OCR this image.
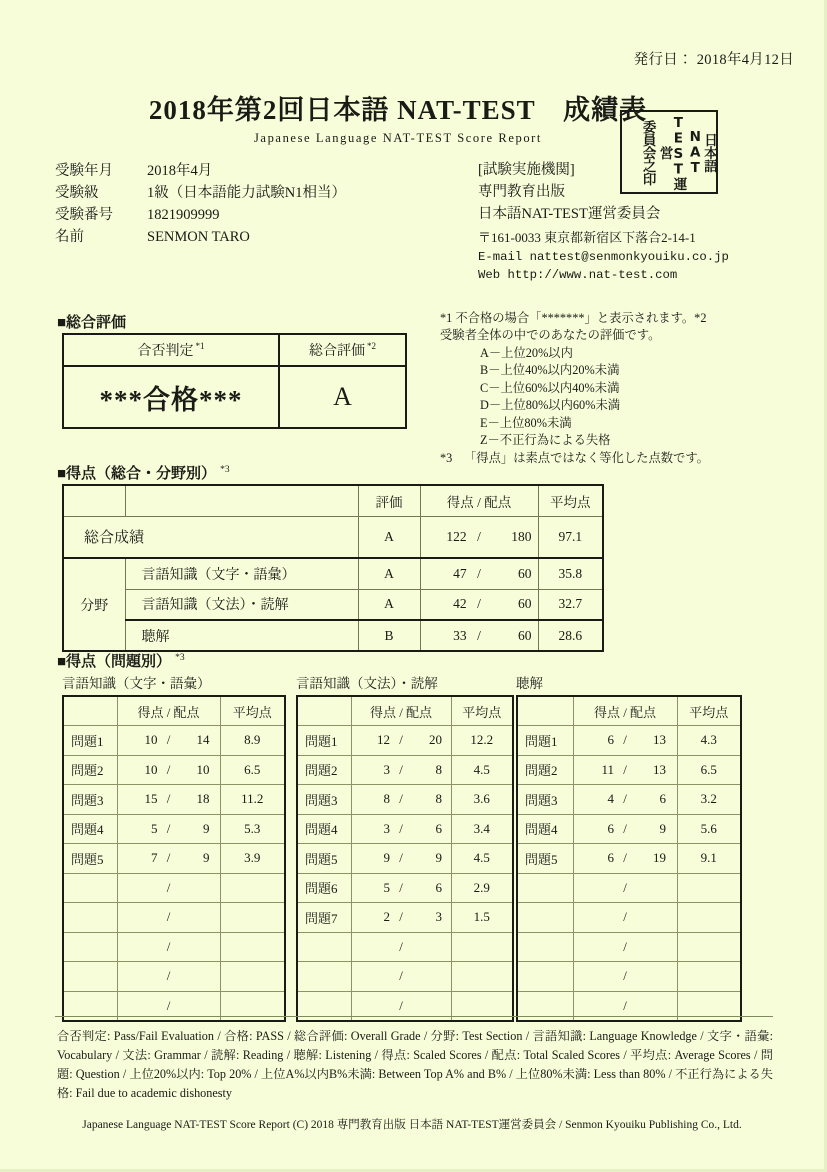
発行日： 2018年4月12日
2018年第2回日本語 NAT-TEST　成績表
Japanese Language NAT-TEST Score Report	日本語NAT
TEST運営
委員会之印
受験年月	2018年4月
受験級	1級（日本語能力試験N1相当）
受験番号	1821909999
名前	SENMON TARO
[試験実施機関]
専門教育出版
日本語NAT-TEST運営委員会
〒161-0033 東京都新宿区下落合2-14-1
E-mail nattest@senmonkyouiku.co.jp
Web http://www.nat-test.com
■総合評価
合否判定 $^{*1}$	総合評価 $^{*2}$
***合格***	A
*1 不合格の場合「*******」と表示されます。*2
受験者全体の中でのあなたの評価です。
A－上位20%以内
B－上位40%以内20%未満
C－上位60%以内40%未満
D－上位80%以内60%未満
E－上位80%未満
Z－不正行為による失格
*3 「得点」は素点ではなく等化した点数です。
■得点（総合・分野別） $^{*3}$
		評価	得点 / 配点	平均点
総合成績		A	122 / 180	97.1
分野	言語知識（文字・語彙）	A	47 / 60	35.8
	言語知識（文法）・読解	A	42 / 60	32.7
	聴解	B	33 / 60	28.6
■得点（問題別） $^{*3}$
言語知識（文字・語彙）
	得点 / 配点	平均点
問題1	10 / 14	8.9
問題2	10 / 10	6.5
問題3	15 / 18	11.2
問題4	5 / 9	5.3
問題5	7 / 9	3.9

	/	

	/	

	/	

	/	

	/	

言語知識（文法）・読解
	得点 / 配点	平均点
問題1	12 / 20	12.2
問題2	3 / 8	4.5
問題3	8 / 8	3.6
問題4	3 / 6	3.4
問題5	9 / 9	4.5
問題6	5 / 6	2.9
問題7	2 / 3	1.5

	/	

	/	

	/	

聴解
	得点 / 配点	平均点
問題1	6 / 13	4.3
問題2	11 / 13	6.5
問題3	4 / 6	3.2
問題4	6 / 9	5.6
問題5	6 / 19	9.1

	/	

	/	

	/	

	/	

	/	

合否判定: Pass/Fail Evaluation / 合格: PASS / 総合評価: Overall Grade / 分野: Test Section / 言語知識: Language Knowledge / 文字・語彙: Vocabulary / 文法: Grammar / 読解: Reading / 聴解: Listening / 得点: Scaled Scores / 配点: Total Scaled Scores / 平均点: Average Scores / 問題: Question / 上位20%以内: Top 20% / 上位A%以内B%未満: Between Top A% and B% / 上位80%未満: Less than 80% / 不正行為による失格: Fail due to academic dishonesty
Japanese Language NAT-TEST Score Report (C) 2018 専門教育出版 日本語 NAT-TEST運営委員会 / Senmon Kyouiku Publishing Co., Ltd.
